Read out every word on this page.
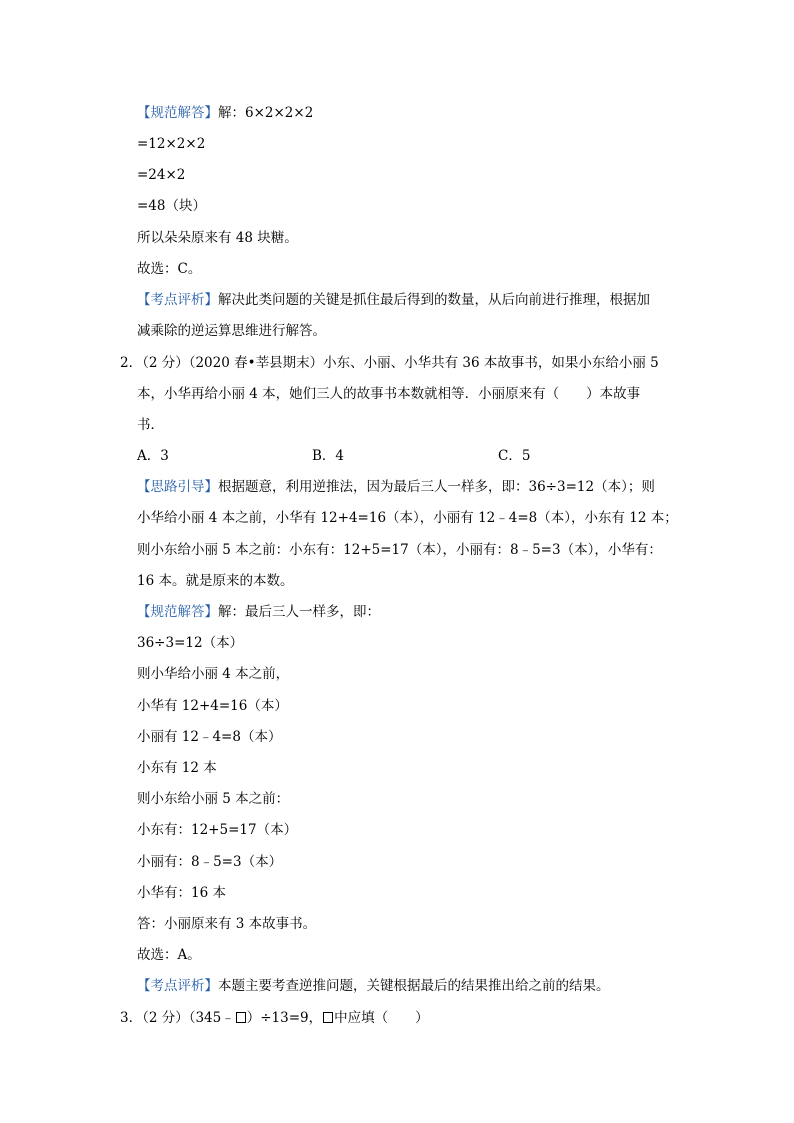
【规范解答】解：6×2×2×2
=12×2×2
=24×2
=48（块）
所以朵朵原来有 48 块糖。
故选：C。
【考点评析】解决此类问题的关键是抓住最后得到的数量，从后向前进行推理，根据加
减乘除的逆运算思维进行解答。
2．（2 分）（2020 春•莘县期末）小东、小丽、小华共有 36 本故事书，如果小东给小丽 5
本，小华再给小丽 4 本，她们三人的故事书本数就相等．小丽原来有（　　）本故事
书．
A．3	B．4	C．5
【思路引导】根据题意，利用逆推法，因为最后三人一样多，即：36÷3=12（本）；则
小华给小丽 4 本之前，小华有 12+4=16（本），小丽有 12﹣4=8（本），小东有 12 本；
则小东给小丽 5 本之前：小东有：12+5=17（本），小丽有：8﹣5=3（本），小华有：
16 本。就是原来的本数。
【规范解答】解：最后三人一样多，即：
36÷3=12（本）
则小华给小丽 4 本之前，
小华有 12+4=16（本）
小丽有 12﹣4=8（本）
小东有 12 本
则小东给小丽 5 本之前：
小东有：12+5=17（本）
小丽有：8﹣5=3（本）
小华有：16 本
答：小丽原来有 3 本故事书。
故选：A。
【考点评析】本题主要考查逆推问题，关键根据最后的结果推出给之前的结果。
3．（2 分）（345﹣ ）÷13=9， 中应填（　　）
